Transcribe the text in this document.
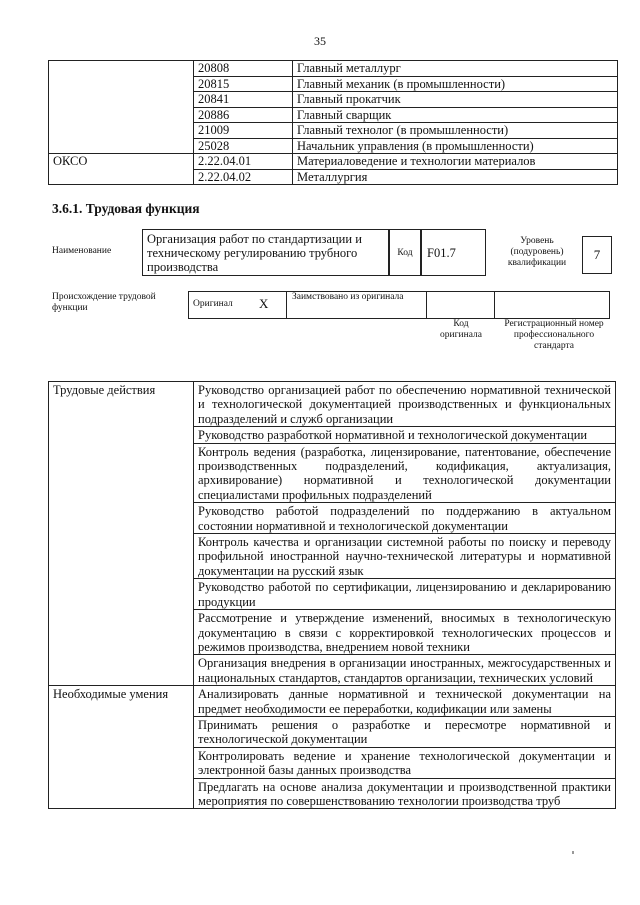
35
	20808	Главный металлург
	20815	Главный механик (в промышленности)
	20841	Главный прокатчик
	20886	Главный сварщик
	21009	Главный технолог (в промышленности)
	25028	Начальник управления (в промышленности)
ОКСО	2.22.04.01	Материаловедение и технологии материалов
	2.22.04.02	Металлургия
3.6.1. Трудовая функция
Наименование
Организация работ по стандартизации и техническому регулированию трубного производства
Код	F01.7
Уровень (подуровень) квалификации
7
Происхождение трудовой функции	Оригинал X Заимствовано из оригинала
Код оригинала
Регистрационный номер профессионального стандарта
Трудовые действия	Руководство организацией работ по обеспечению нормативной технической и технологической документацией производственных и функциональных подразделений и служб организации
	Руководство разработкой нормативной и технологической документации
	Контроль ведения (разработка, лицензирование, патентование, обеспечение производственных подразделений, кодификация, актуализация, архивирование) нормативной и технологической документации специалистами профильных подразделений
	Руководство работой подразделений по поддержанию в актуальном состоянии нормативной и технологической документации
	Контроль качества и организации системной работы по поиску и переводу профильной иностранной научно-технической литературы и нормативной документации на русский язык
	Руководство работой по сертификации, лицензированию и декларированию продукции
	Рассмотрение и утверждение изменений, вносимых в технологическую документацию в связи с корректировкой технологических процессов и режимов производства, внедрением новой техники
	Организация внедрения в организации иностранных, межгосударственных и национальных стандартов, стандартов организации, технических условий
Необходимые умения	Анализировать данные нормативной и технической документации на предмет необходимости ее переработки, кодификации или замены
	Принимать решения о разработке и пересмотре нормативной и технологической документации
	Контролировать ведение и хранение технологической документации и электронной базы данных производства
	Предлагать на основе анализа документации и производственной практики мероприятия по совершенствованию технологии производства труб
